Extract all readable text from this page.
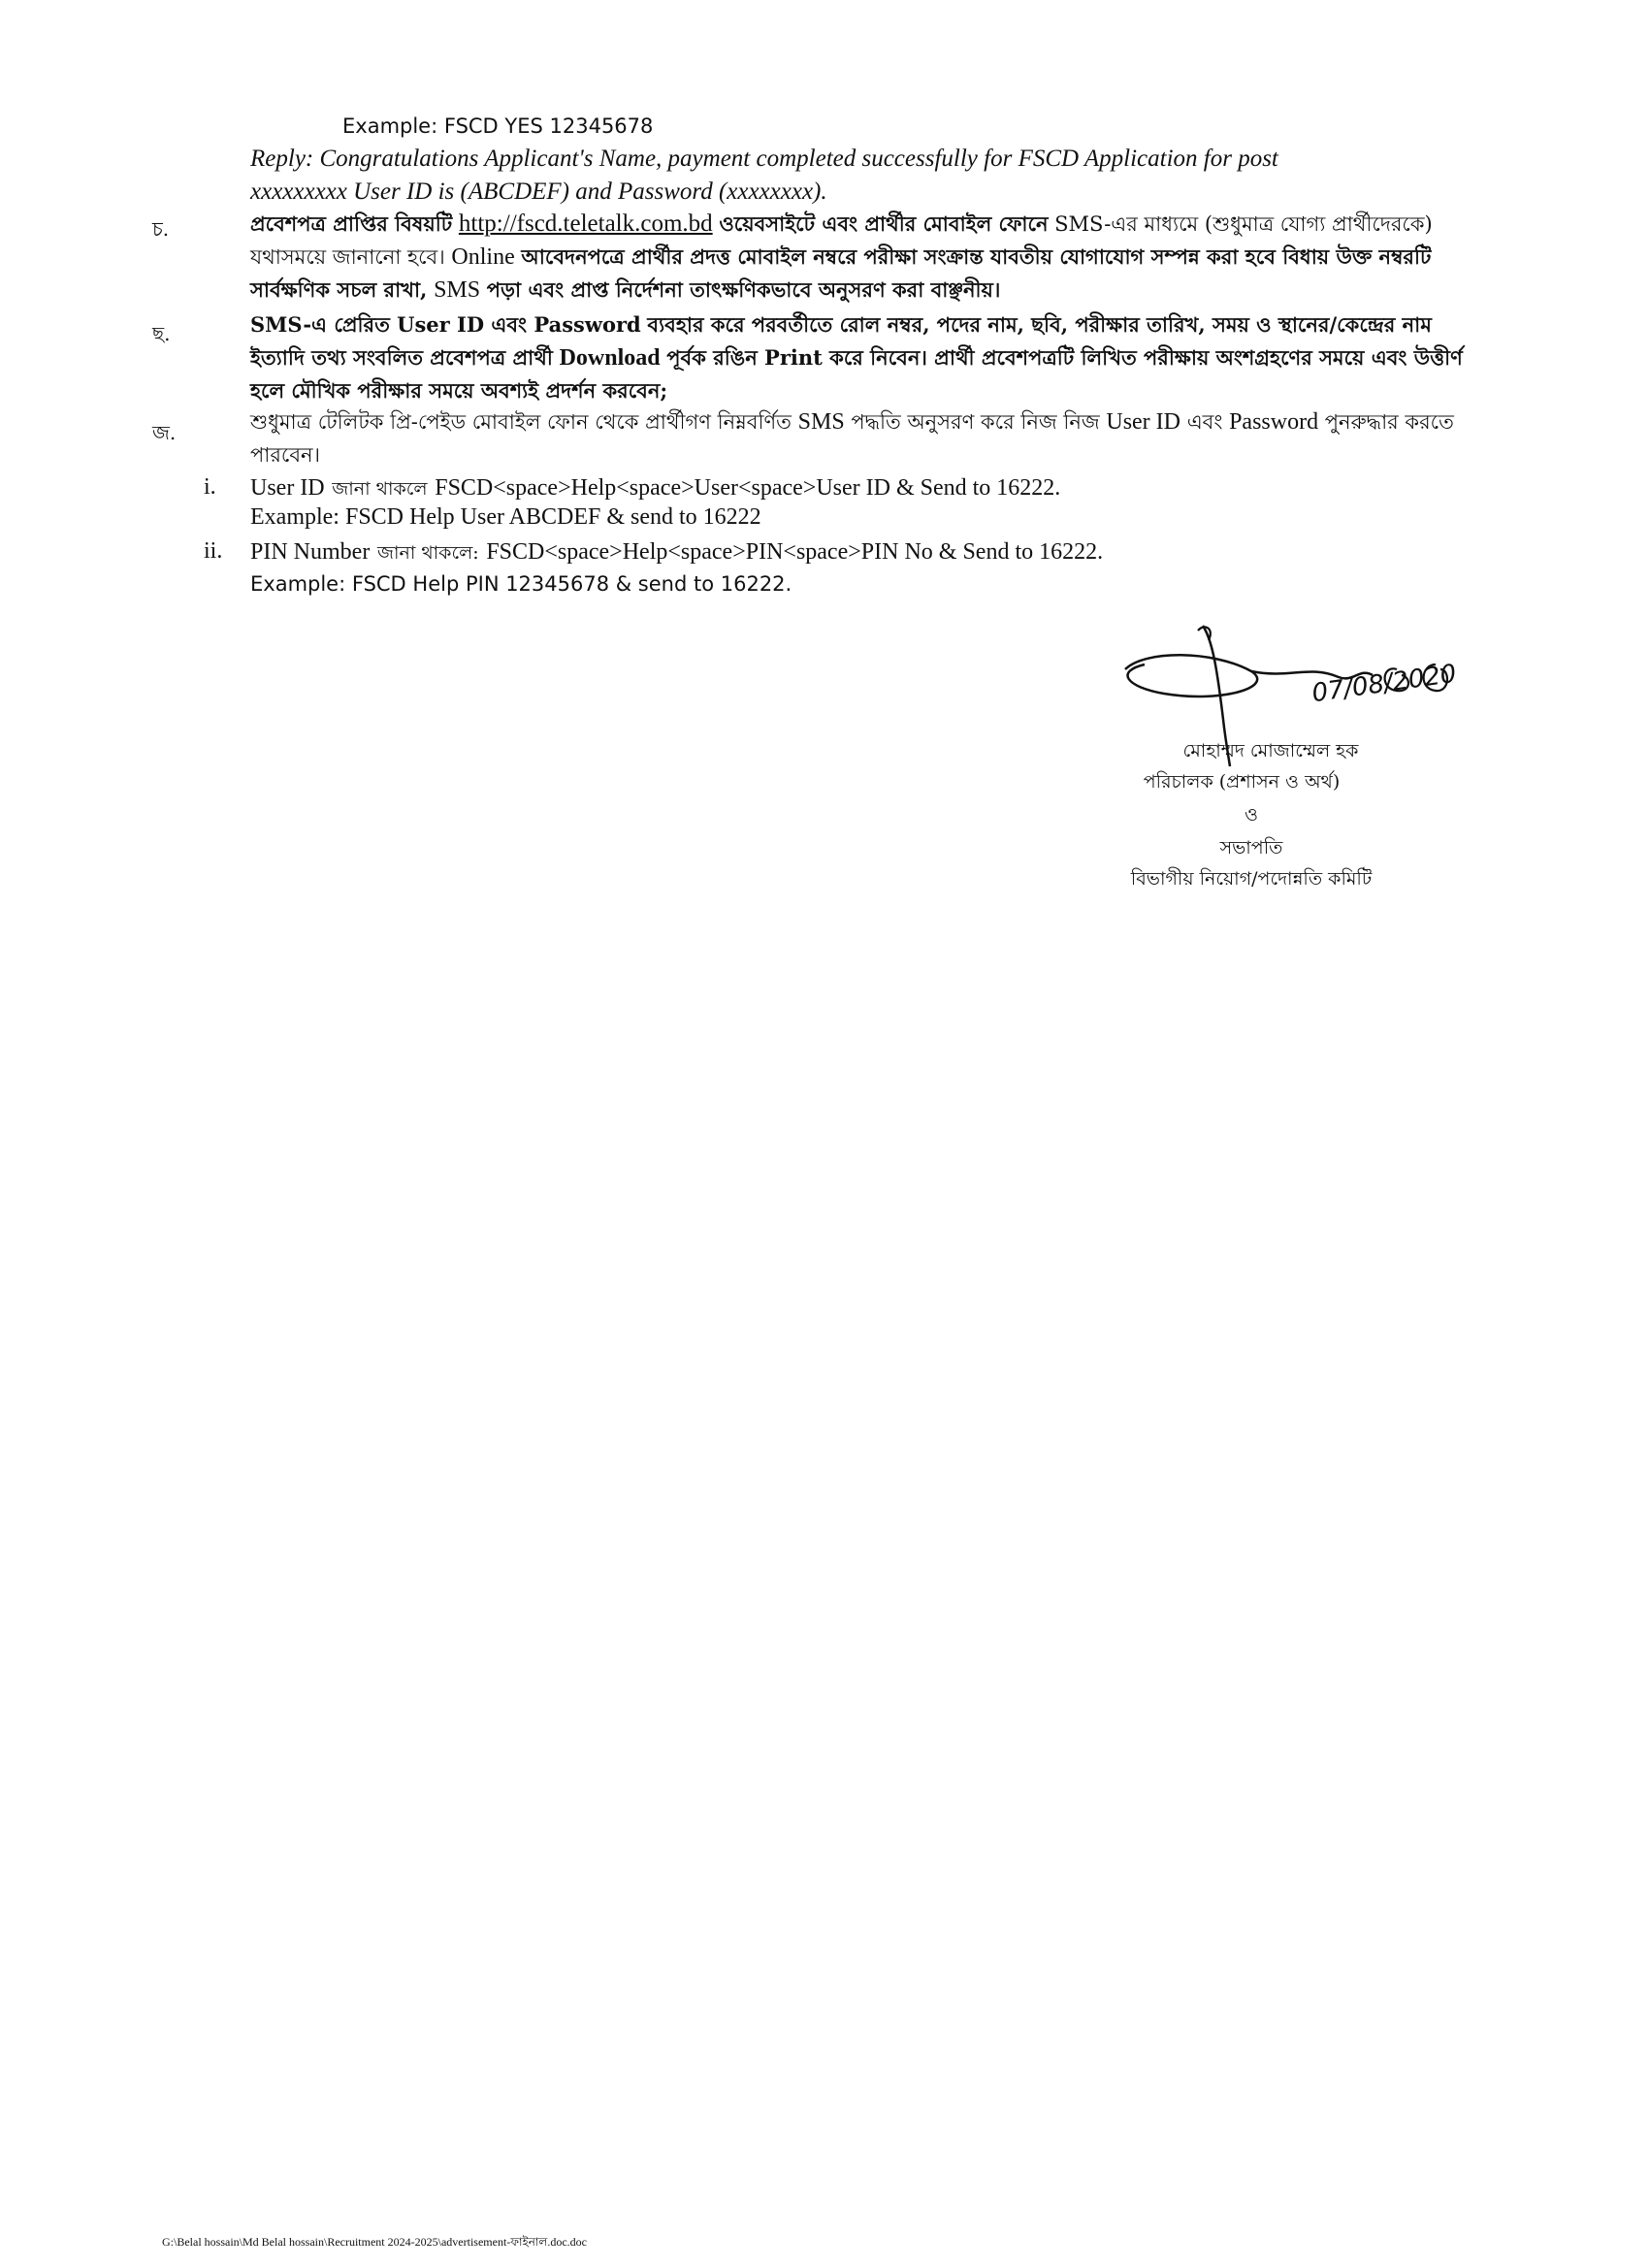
Example: FSCD YES 12345678
Reply: Congratulations Applicant's Name, payment completed successfully for FSCD Application for post
xxxxxxxxx User ID is (ABCDEF) and Password (xxxxxxxx).
চ.	প্রবেশপত্র প্রাপ্তির বিষয়টি http://fscd.teletalk.com.bd ওয়েবসাইটে এবং প্রার্থীর মোবাইল ফোনে SMS-এর মাধ্যমে (শুধুমাত্র যোগ্য প্রার্থীদেরকে)
যথাসময়ে জানানো হবে। Online আবেদনপত্রে প্রার্থীর প্রদত্ত মোবাইল নম্বরে পরীক্ষা সংক্রান্ত যাবতীয় যোগাযোগ সম্পন্ন করা হবে বিধায় উক্ত নম্বরটি
সার্বক্ষণিক সচল রাখা, SMS পড়া এবং প্রাপ্ত নির্দেশনা তাৎক্ষণিকভাবে অনুসরণ করা বাঞ্ছনীয়।
ছ.	SMS-এ প্রেরিত User ID এবং Password ব্যবহার করে পরবর্তীতে রোল নম্বর, পদের নাম, ছবি, পরীক্ষার তারিখ, সময় ও স্থানের/কেন্দ্রের নাম
ইত্যাদি তথ্য সংবলিত প্রবেশপত্র প্রার্থী Download পূর্বক রঙিন Print করে নিবেন। প্রার্থী প্রবেশপত্রটি লিখিত পরীক্ষায় অংশগ্রহণের সময়ে এবং উত্তীর্ণ
হলে মৌখিক পরীক্ষার সময়ে অবশ্যই প্রদর্শন করবেন;
জ.	শুধুমাত্র টেলিটক প্রি-পেইড মোবাইল ফোন থেকে প্রার্থীগণ নিম্নবর্ণিত SMS পদ্ধতি অনুসরণ করে নিজ নিজ User ID এবং Password পুনরুদ্ধার করতে
পারবেন।
i. User ID জানা থাকলে FSCD<space>Help<space>User<space>User ID & Send to 16222.
Example: FSCD Help User ABCDEF & send to 16222
ii. PIN Number জানা থাকলে: FSCD<space>Help<space>PIN<space>PIN No & Send to 16222.
Example: FSCD Help PIN 12345678 & send to 16222.
07/08/2020
মোহাম্মদ মোজাম্মেল হক
পরিচালক (প্রশাসন ও অর্থ)
ও
সভাপতি
বিভাগীয় নিয়োগ/পদোন্নতি কমিটি
G:\Belal hossain\Md Belal hossain\Recruitment 2024-2025\advertisement-ফাইনাল.doc.doc
